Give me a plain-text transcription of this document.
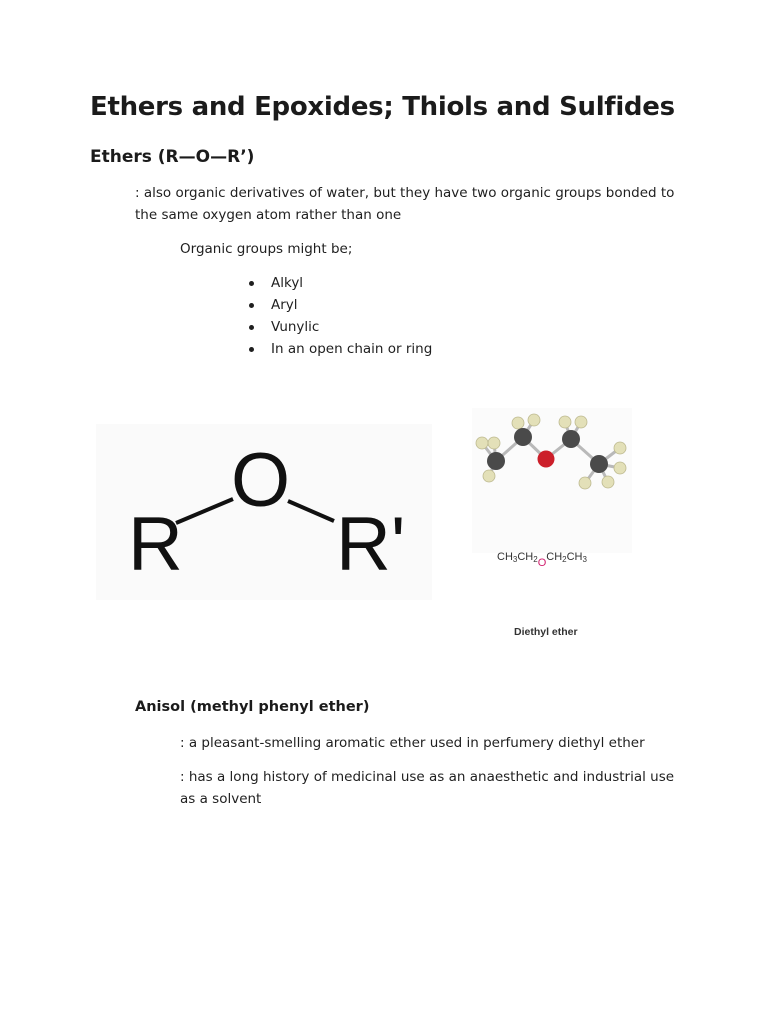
Ethers and Epoxides; Thiols and Sulfides
Ethers (R—O—R’)

: also organic derivatives of water, but they have two organic groups bonded to the same oxygen atom rather than one

Organic groups might be;

Alkyl
Aryl
Vunylic
In an open chain or ring
R
O
R'	$CH_3CH_2OCH_2CH_3$

Diethyl ether

Anisol (methyl phenyl ether)

: a pleasant-smelling aromatic ether used in perfumery diethyl ether

: has a long history of medicinal use as an anaesthetic and industrial use as a solvent
